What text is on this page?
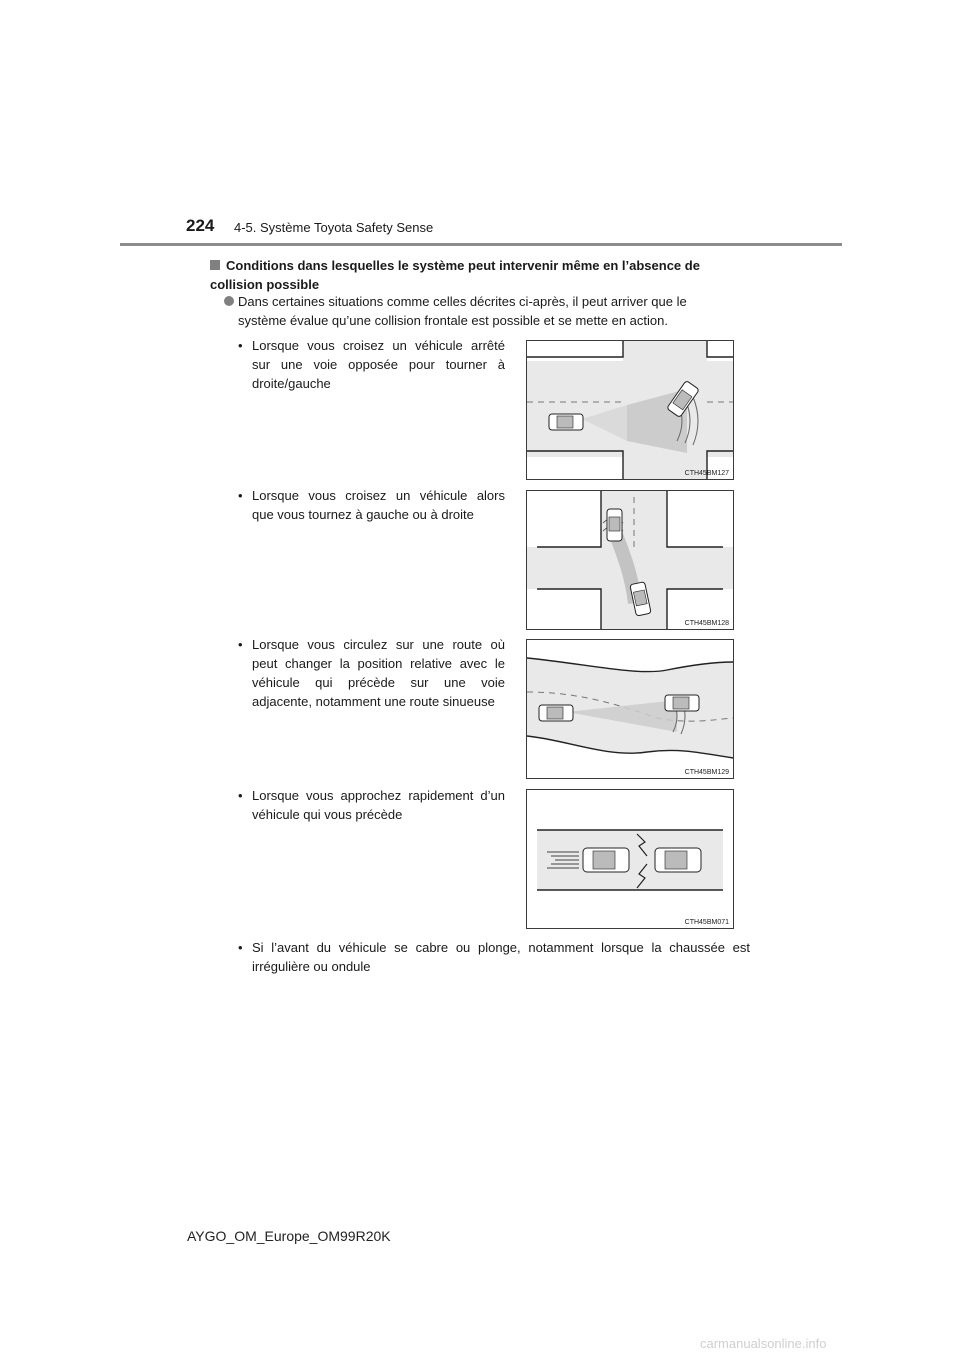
224 4-5. Système Toyota Safety Sense
Conditions dans lesquelles le système peut intervenir même en l’absence de
collision possible
Dans certaines situations comme celles décrites ci-après, il peut arriver que le
système évalue qu’une collision frontale est possible et se mette en action.
• Lorsque vous croisez un véhicule arrêté
sur une voie opposée pour tourner à
droite/gauche
• Lorsque vous croisez un véhicule alors
que vous tournez à gauche ou à droite
• Lorsque vous circulez sur une route où
peut changer la position relative avec le
véhicule qui précède sur une voie
adjacente, notamment une route sinueuse
• Lorsque vous approchez rapidement d’un
véhicule qui vous précède
• Si l’avant du véhicule se cabre ou plonge, notamment lorsque la chaussée est
irrégulière ou ondule
CTH45BM127
CTH45BM128
CTH45BM129
CTH45BM071
AYGO_OM_Europe_OM99R20K
carmanualsonline.info
